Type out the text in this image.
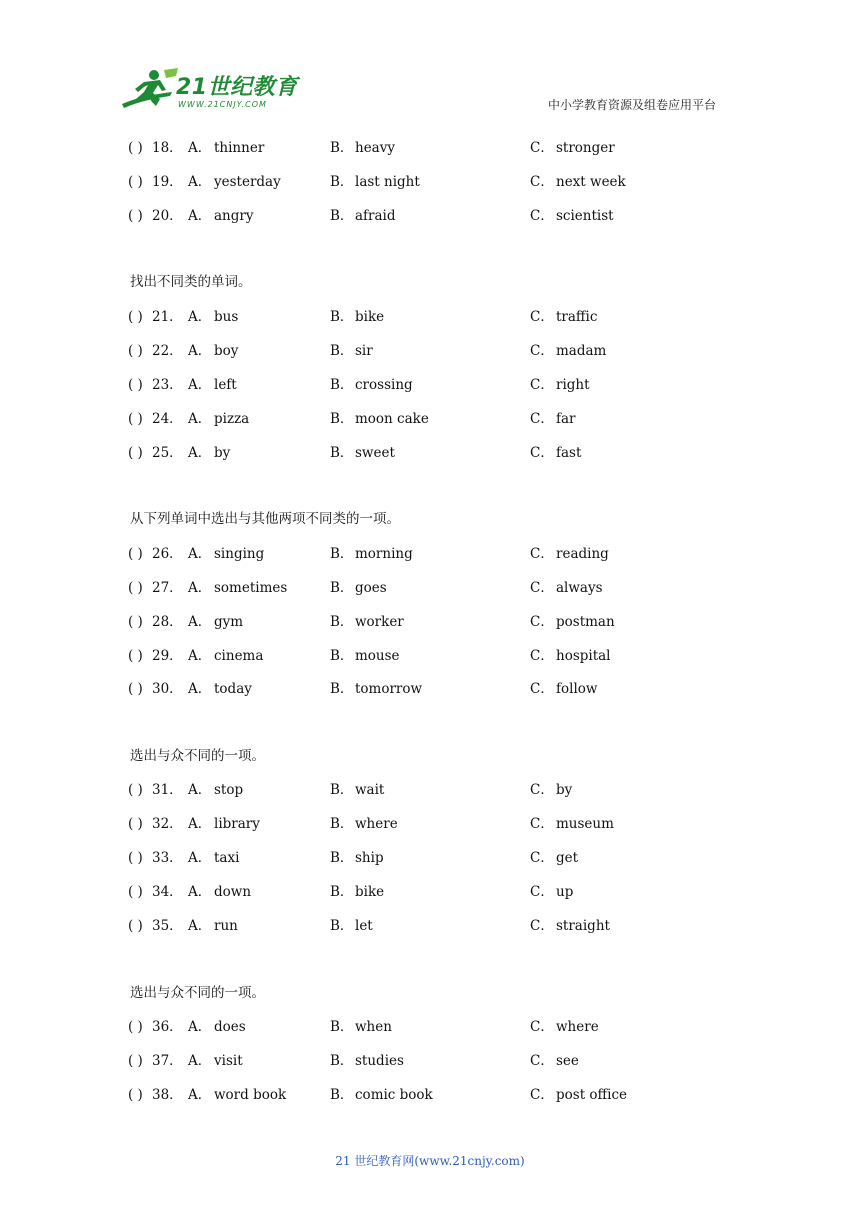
21世纪教育
WWW.21CNJY.COM	中小学教育资源及组卷应用平台
( ) 18． A． thinner	B． heavy	C． stronger
( ) 19． A． yesterday	B． last night	C． next week
( ) 20． A． angry	B． afraid	C． scientist
找出不同类的单词。
( ) 21． A． bus	B． bike	C． traffic
( ) 22． A． boy	B． sir	C． madam
( ) 23． A． left	B． crossing	C． right
( ) 24． A． pizza	B． moon cake	C． far
( ) 25． A． by	B． sweet	C． fast
从下列单词中选出与其他两项不同类的一项。
( ) 26． A． singing	B． morning	C． reading
( ) 27． A． sometimes	B． goes	C． always
( ) 28． A． gym	B． worker	C． postman
( ) 29． A． cinema	B． mouse	C． hospital
( ) 30． A． today	B． tomorrow	C． follow
选出与众不同的一项。
( ) 31． A． stop	B． wait	C． by
( ) 32． A． library	B． where	C． museum
( ) 33． A． taxi	B． ship	C． get
( ) 34． A． down	B． bike	C． up
( ) 35． A． run	B． let	C． straight
选出与众不同的一项。
( ) 36． A． does	B． when	C． where
( ) 37． A． visit	B． studies	C． see
( ) 38． A． word book	B． comic book	C． post office
21 世纪教育网(www.21cnjy.com)
